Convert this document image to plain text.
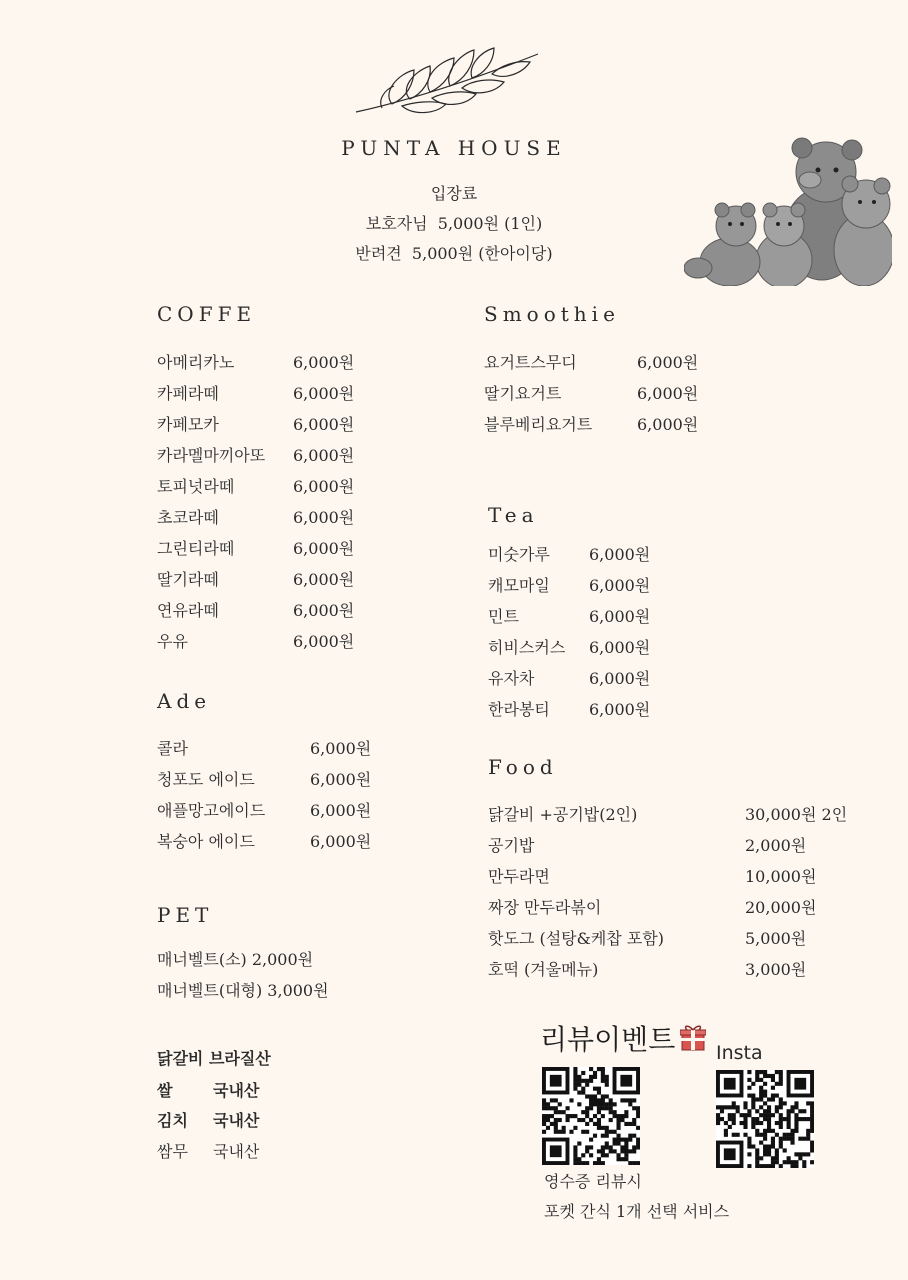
PUNTA HOUSE
입장료
보호자님  5,000원 (1인)
반려견  5,000원 (한아이당)
COFFE
아메리카노	6,000원
카페라떼	6,000원
카페모카	6,000원
카라멜마끼아또 6,000원
토피넛라떼	6,000원
초코라떼	6,000원
그린티라떼	6,000원
딸기라떼	6,000원
연유라떼	6,000원
우유	6,000원
Ade
콜라	6,000원
청포도 에이드	6,000원
애플망고에이드	6,000원
복숭아 에이드	6,000원
PET
매너벨트(소) 2,000원
매너벨트(대형) 3,000원
닭갈비 브라질산
쌀	국내산
김치 국내산
쌈무 국내산
Smoothie
요거트스무디	6,000원
딸기요거트	6,000원
블루베리요거트	6,000원
Tea
미숫가루 6,000원
캐모마일 6,000원
민트	6,000원
히비스커스 6,000원
유자차	6,000원
한라봉티 6,000원
Food
닭갈비 +공기밥(2인)	30,000원 2인
공기밥	2,000원
만두라면	10,000원
짜장 만두라볶이	20,000원
핫도그 (설탕&케찹 포함)	5,000원
호떡 (겨울메뉴)	3,000원
리뷰이벤트 Insta
영수증 리뷰시
포켓 간식 1개 선택 서비스
